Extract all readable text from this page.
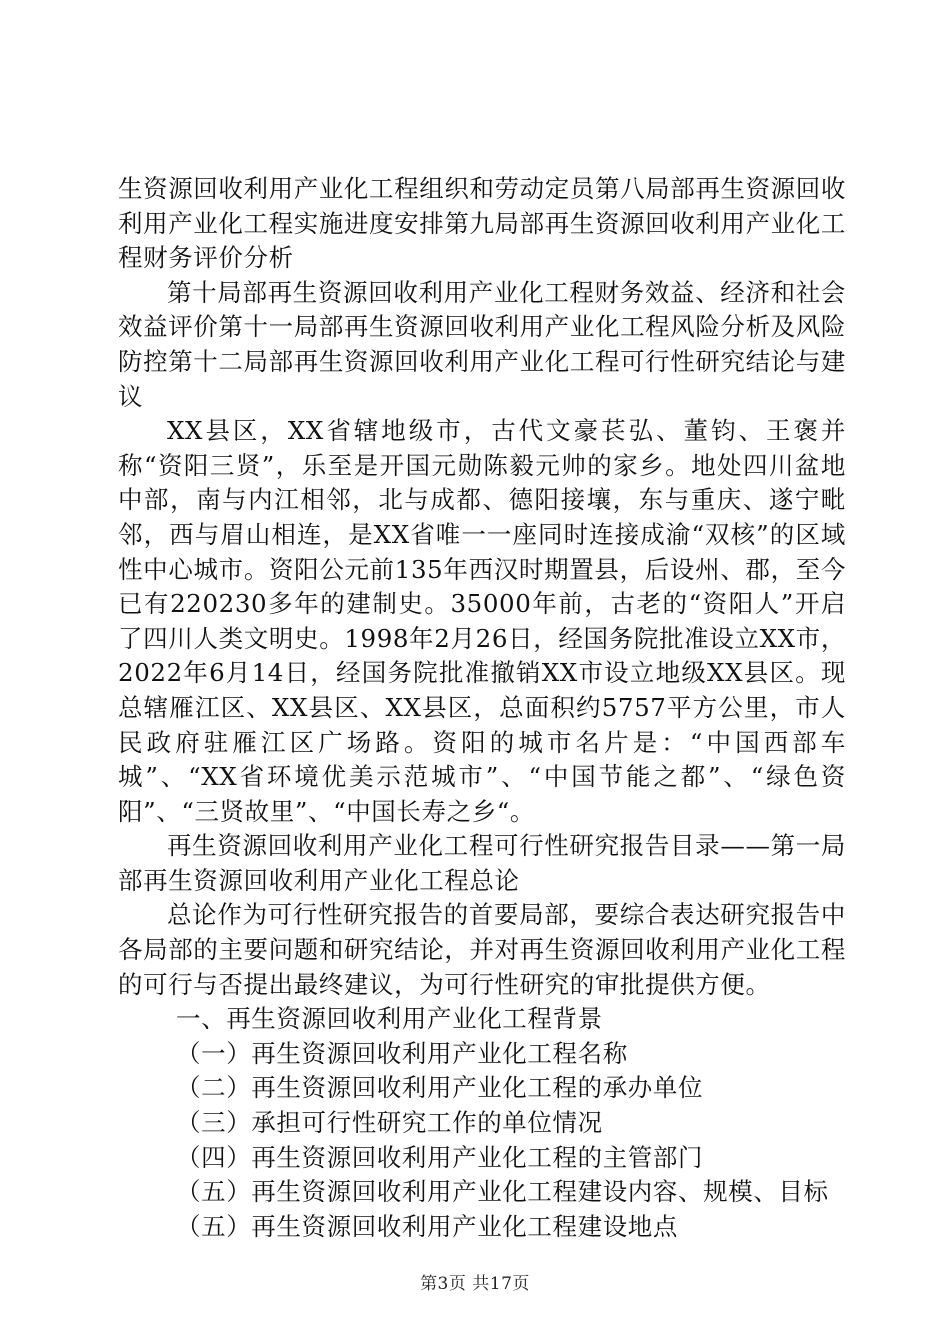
生资源回收利用产业化工程组织和劳动定员第八局部再生资源回收利用产业化工程实施进度安排第九局部再生资源回收利用产业化工程财务评价分析

第十局部再生资源回收利用产业化工程财务效益、经济和社会效益评价第十一局部再生资源回收利用产业化工程风险分析及风险防控第十二局部再生资源回收利用产业化工程可行性研究结论与建议

XX县区，XX省辖地级市，古代文豪苌弘、董钧、王褒并称“资阳三贤”，乐至是开国元勋陈毅元帅的家乡。地处四川盆地中部，南与内江相邻，北与成都、德阳接壤，东与重庆、遂宁毗邻，西与眉山相连，是XX省唯一一座同时连接成渝“双核”的区域性中心城市。资阳公元前135年西汉时期置县，后设州、郡，至今已有220230多年的建制史。35000年前，古老的“资阳人”开启了四川人类文明史。1998年2月26日，经国务院批准设立XX市，2022年6月14日，经国务院批准撤销XX市设立地级XX县区。现总辖雁江区、XX县区、XX县区，总面积约5757平方公里，市人民政府驻雁江区广场路。资阳的城市名片是：“中国西部车城”、“XX省环境优美示范城市”、“中国节能之都”、“绿色资阳”、“三贤故里”、“中国长寿之乡“。

再生资源回收利用产业化工程可行性研究报告目录——第一局部再生资源回收利用产业化工程总论

总论作为可行性研究报告的首要局部，要综合表达研究报告中各局部的主要问题和研究结论，并对再生资源回收利用产业化工程的可行与否提出最终建议，为可行性研究的审批提供方便。

一、再生资源回收利用产业化工程背景
（一）再生资源回收利用产业化工程名称
（二）再生资源回收利用产业化工程的承办单位
（三）承担可行性研究工作的单位情况
（四）再生资源回收利用产业化工程的主管部门
（五）再生资源回收利用产业化工程建设内容、规模、目标
（五）再生资源回收利用产业化工程建设地点
第3页 共17页
